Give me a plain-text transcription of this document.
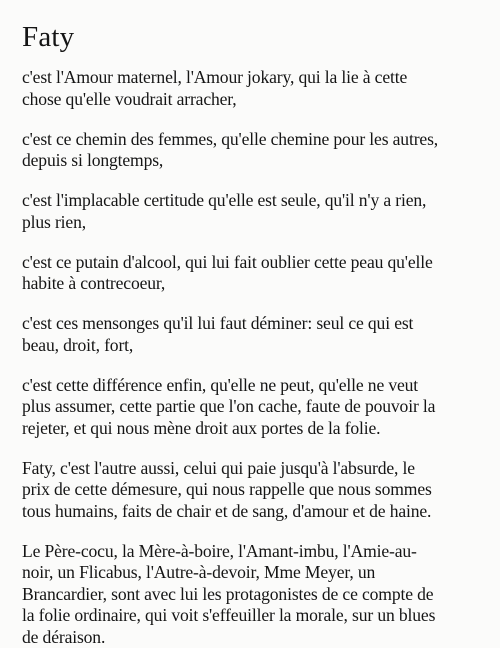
Faty

c'est l'Amour maternel, l'Amour jokary, qui la lie à cette
chose qu'elle voudrait arracher,

c'est ce chemin des femmes, qu'elle chemine pour les autres,
depuis si longtemps,

c'est l'implacable certitude qu'elle est seule, qu'il n'y a rien,
plus rien,

c'est ce putain d'alcool, qui lui fait oublier cette peau qu'elle
habite à contrecoeur,

c'est ces mensonges qu'il lui faut déminer: seul ce qui est
beau, droit, fort,

c'est cette différence enfin, qu'elle ne peut, qu'elle ne veut
plus assumer, cette partie que l'on cache, faute de pouvoir la
rejeter, et qui nous mène droit aux portes de la folie.

Faty, c'est l'autre aussi, celui qui paie jusqu'à l'absurde, le
prix de cette démesure, qui nous rappelle que nous sommes
tous humains, faits de chair et de sang, d'amour et de haine.

Le Père-cocu, la Mère-à-boire, l'Amant-imbu, l'Amie-au-
noir, un Flicabus, l'Autre-à-devoir, Mme Meyer, un
Brancardier, sont avec lui les protagonistes de ce compte de
la folie ordinaire, qui voit s'effeuiller la morale, sur un blues
de déraison.
